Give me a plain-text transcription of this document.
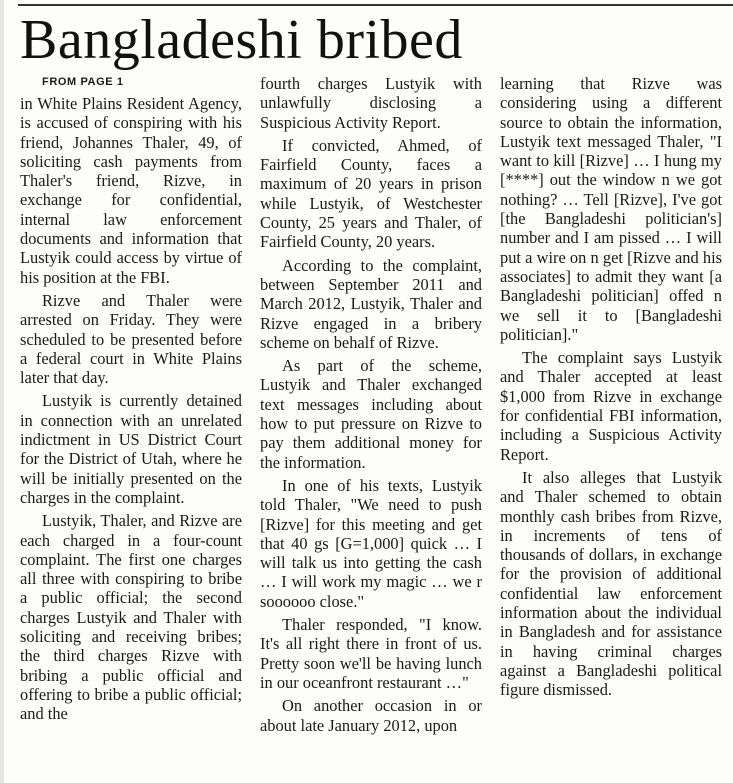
Bangladeshi bribed

FROM PAGE 1

in White Plains Resident Agency, is accused of conspiring with his friend, Johannes Thaler, 49, of soliciting cash payments from Thaler's friend, Rizve, in exchange for confidential, internal law enforcement documents and information that Lustyik could access by virtue of his position at the FBI.

Rizve and Thaler were arrested on Friday. They were scheduled to be presented before a federal court in White Plains later that day.

Lustyik is currently detained in connection with an unrelated indictment in US District Court for the District of Utah, where he will be initially presented on the charges in the complaint.

Lustyik, Thaler, and Rizve are each charged in a four-count complaint. The first one charges all three with conspiring to bribe a public official; the second charges Lustyik and Thaler with soliciting and receiving bribes; the third charges Rizve with bribing a public official and offering to bribe a public official; and the

fourth charges Lustyik with unlawfully disclosing a Suspicious Activity Report.

If convicted, Ahmed, of Fairfield County, faces a maximum of 20 years in prison while Lustyik, of Westchester County, 25 years and Thaler, of Fairfield County, 20 years.

According to the complaint, between September 2011 and March 2012, Lustyik, Thaler and Rizve engaged in a bribery scheme on behalf of Rizve.

As part of the scheme, Lustyik and Thaler exchanged text messages including about how to put pressure on Rizve to pay them additional money for the information.

In one of his texts, Lustyik told Thaler, "We need to push [Rizve] for this meeting and get that 40 gs [G=1,000] quick … I will talk us into getting the cash … I will work my magic … we r soooooo close."

Thaler responded, "I know. It's all right there in front of us. Pretty soon we'll be having lunch in our oceanfront restaurant …"

On another occasion in or about late January 2012, upon

learning that Rizve was considering using a different source to obtain the information, Lustyik text messaged Thaler, "I want to kill [Rizve] … I hung my [****] out the window n we got nothing? … Tell [Rizve], I've got [the Bangladeshi politician's] number and I am pissed … I will put a wire on n get [Rizve and his associates] to admit they want [a Bangladeshi politician] offed n we sell it to [Bangladeshi politician]."

The complaint says Lustyik and Thaler accepted at least $1,000 from Rizve in exchange for confidential FBI information, including a Suspicious Activity Report.

It also alleges that Lustyik and Thaler schemed to obtain monthly cash bribes from Rizve, in increments of tens of thousands of dollars, in exchange for the provision of additional confidential law enforcement information about the individual in Bangladesh and for assistance in having criminal charges against a Bangladeshi political figure dismissed.
